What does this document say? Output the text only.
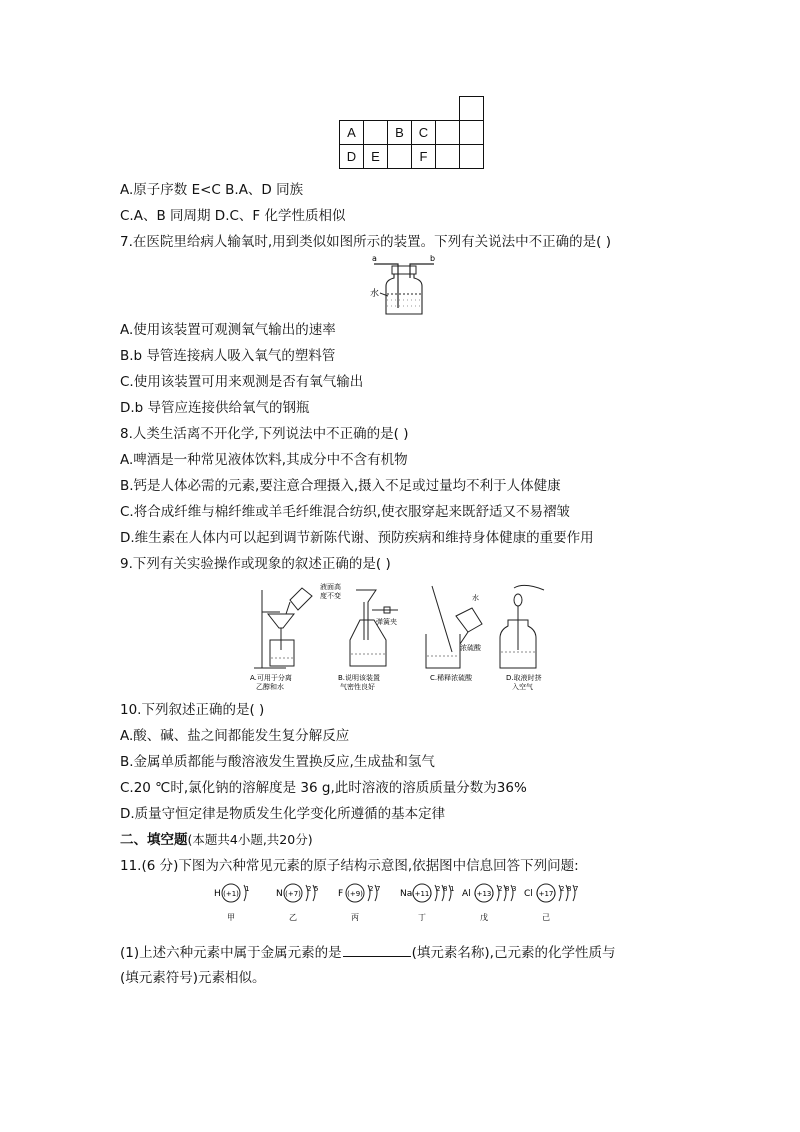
A		B	C		
D	E		F		
A.原子序数 E<C B.A、D 同族
C.A、B 同周期 D.C、F 化学性质相似
7.在医院里给病人输氧时,用到类似如图所示的装置。下列有关说法中不正确的是( )
a	b
水
A.使用该装置可观测氧气输出的速率
B.b 导管连接病人吸入氧气的塑料管
C.使用该装置可用来观测是否有氧气输出
D.b 导管应连接供给氧气的钢瓶
8.人类生活离不开化学,下列说法中不正确的是( )
A.啤酒是一种常见液体饮料,其成分中不含有机物
B.钙是人体必需的元素,要注意合理摄入,摄入不足或过量均不利于人体健康
C.将合成纤维与棉纤维或羊毛纤维混合纺织,使衣服穿起来既舒适又不易褶皱
D.维生素在人体内可以起到调节新陈代谢、预防疾病和维持身体健康的重要作用
9.下列有关实验操作或现象的叙述正确的是( )
A.可用于分离
乙醇和水
液面高
度不变
弹簧夹
B.说明该装置
气密性良好
水
浓硫酸
C.稀释浓硫酸	D.取液时挤
入空气
10.下列叙述正确的是( )
A.酸、碱、盐之间都能发生复分解反应
B.金属单质都能与酸溶液发生置换反应,生成盐和氢气
C.20 ℃时,氯化钠的溶解度是 36 g,此时溶液的溶质质量分数为36%
D.质量守恒定律是物质发生化学变化所遵循的基本定律
二、填空题(本题共4小题,共20分)
11.(6 分)下图为六种常见元素的原子结构示意图,依据图中信息回答下列问题:
H (+1)
1
甲
N (+7)
2 5
乙
F (+9)
2 7
丙
Na (+11)
2 8 1
丁
Al (+13)
2 8 3
戊
Cl (+17)
2 8 7
己
(1)上述六种元素中属于金属元素的是	(填元素名称),己元素的化学性质与
(填元素符号)元素相似。
